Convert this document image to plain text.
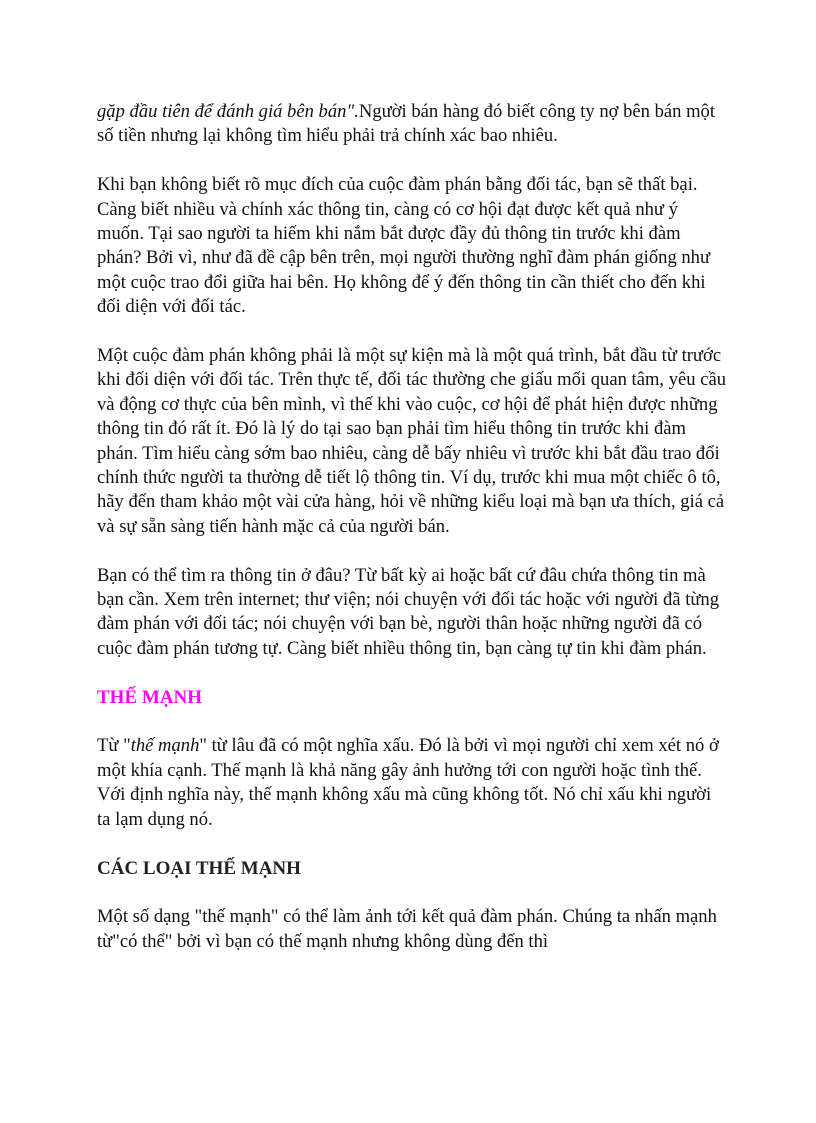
gặp đầu tiên để đánh giá bên bán".Người bán hàng đó biết công ty nợ bên bán một số tiền nhưng lại không tìm hiểu phải trả chính xác bao nhiêu.

Khi bạn không biết rõ mục đích của cuộc đàm phán bằng đối tác, bạn sẽ thất bại. Càng biết nhiều và chính xác thông tin, càng có cơ hội đạt được kết quả như ý muốn. Tại sao người ta hiếm khi nắm bắt được đầy đủ thông tin trước khi đàm phán? Bởi vì, như đã đề cập bên trên, mọi người thường nghĩ đàm phán giống như một cuộc trao đổi giữa hai bên. Họ không để ý đến thông tin cần thiết cho đến khi đối diện với đối tác.

Một cuộc đàm phán không phải là một sự kiện mà là một quá trình, bắt đầu từ trước khi đối diện với đối tác. Trên thực tế, đối tác thường che giấu mối quan tâm, yêu cầu và động cơ thực của bên mình, vì thế khi vào cuộc, cơ hội để phát hiện được những thông tin đó rất ít. Đó là lý do tại sao bạn phải tìm hiểu thông tin trước khi đàm phán. Tìm hiểu càng sớm bao nhiêu, càng dễ bấy nhiêu vì trước khi bắt đầu trao đổi chính thức người ta thường dễ tiết lộ thông tin. Ví dụ, trước khi mua một chiếc ô tô, hãy đến tham khảo một vài cửa hàng, hỏi về những kiểu loại mà bạn ưa thích, giá cả và sự sẵn sàng tiến hành mặc cả của người bán.

Bạn có thể tìm ra thông tin ở đâu? Từ bất kỳ ai hoặc bất cứ đâu chứa thông tin mà bạn cần. Xem trên internet; thư viện; nói chuyện với đối tác hoặc với người đã từng đàm phán với đối tác; nói chuyện với bạn bè, người thân hoặc những người đã có cuộc đàm phán tương tự. Càng biết nhiều thông tin, bạn càng tự tin khi đàm phán.

THẾ MẠNH

Từ "thế mạnh" từ lâu đã có một nghĩa xấu. Đó là bởi vì mọi người chỉ xem xét nó ở một khía cạnh. Thế mạnh là khả năng gây ảnh hưởng tới con người hoặc tình thế. Với định nghĩa này, thế mạnh không xấu mà cũng không tốt. Nó chỉ xấu khi người ta lạm dụng nó.

CÁC LOẠI THẾ MẠNH

Một số dạng "thế mạnh" có thể làm ảnh tới kết quả đàm phán. Chúng ta nhấn mạnh từ"có thể" bởi vì bạn có thế mạnh nhưng không dùng đến thì
